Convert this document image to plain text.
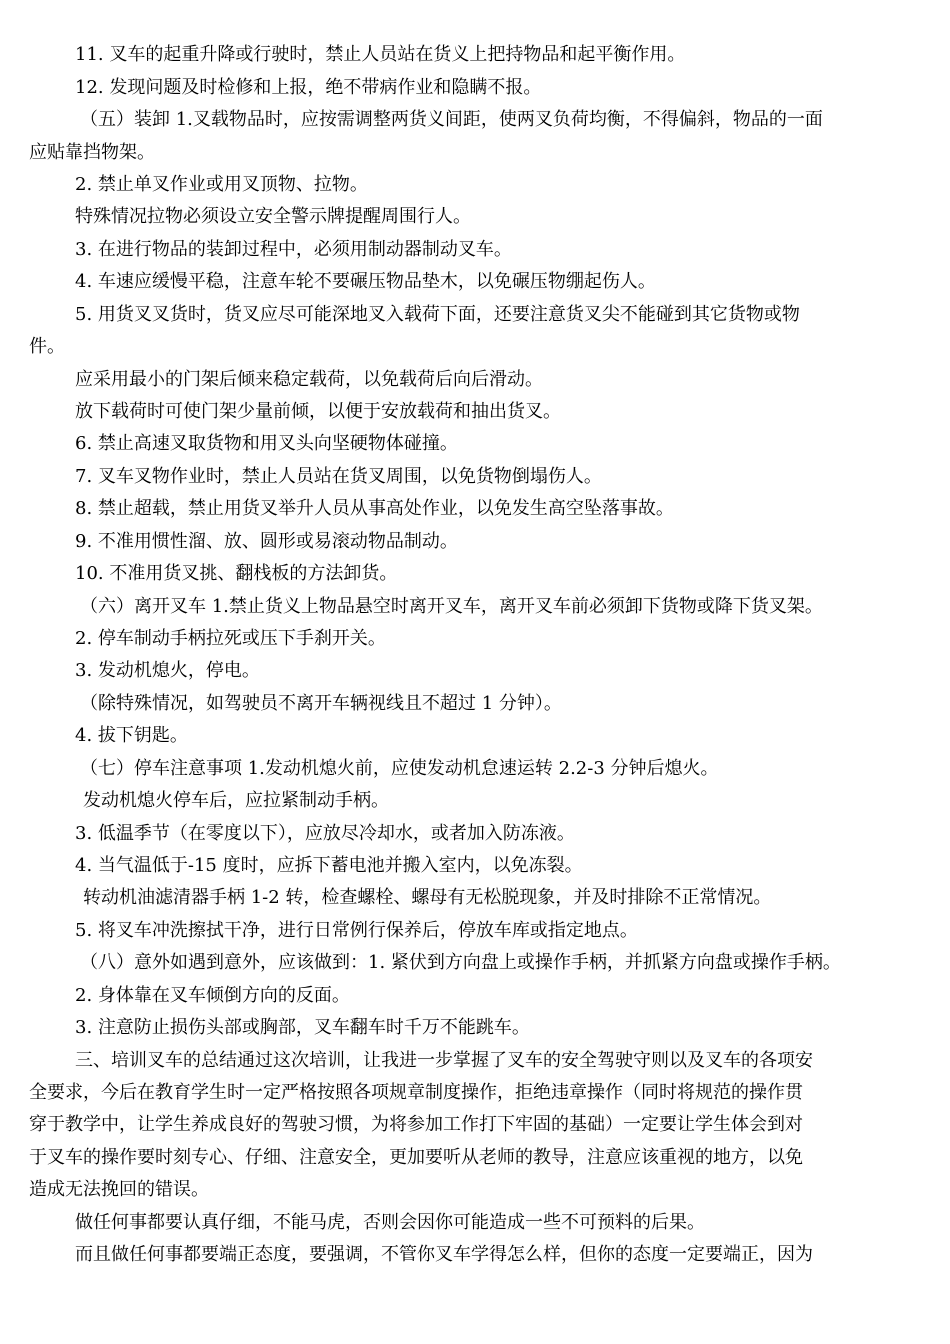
11. 叉车的起重升降或行驶时，禁止人员站在货义上把持物品和起平衡作用。
12. 发现问题及时检修和上报，绝不带病作业和隐瞒不报。
（五）装卸 1.叉载物品时，应按需调整两货义间距，使两叉负荷均衡，不得偏斜，物品的一面
应贴靠挡物架。
2. 禁止单叉作业或用叉顶物、拉物。
特殊情况拉物必须设立安全警示牌提醒周围行人。
3. 在进行物品的装卸过程中，必须用制动器制动叉车。
4. 车速应缓慢平稳，注意车轮不要碾压物品垫木，以免碾压物绷起伤人。
5. 用货叉叉货时，货叉应尽可能深地叉入载荷下面，还要注意货叉尖不能碰到其它货物或物
件。
应采用最小的门架后倾来稳定载荷，以免载荷后向后滑动。
放下载荷时可使门架少量前倾，以便于安放载荷和抽出货叉。
6. 禁止高速叉取货物和用叉头向坚硬物体碰撞。
7. 叉车叉物作业时，禁止人员站在货叉周围，以免货物倒塌伤人。
8. 禁止超载，禁止用货叉举升人员从事高处作业，以免发生高空坠落事故。
9. 不准用惯性溜、放、圆形或易滚动物品制动。
10. 不准用货叉挑、翻栈板的方法卸货。
（六）离开叉车 1.禁止货义上物品悬空时离开叉车，离开叉车前必须卸下货物或降下货叉架。
2. 停车制动手柄拉死或压下手刹开关。
3. 发动机熄火，停电。
（除特殊情况，如驾驶员不离开车辆视线且不超过 1 分钟）。
4. 拔下钥匙。
（七）停车注意事项 1.发动机熄火前，应使发动机怠速运转 2.2-3 分钟后熄火。
发动机熄火停车后，应拉紧制动手柄。
3. 低温季节（在零度以下），应放尽冷却水，或者加入防冻液。
4. 当气温低于-15 度时，应拆下蓄电池并搬入室内，以免冻裂。
转动机油滤清器手柄 1-2 转，检查螺栓、螺母有无松脱现象，并及时排除不正常情况。
5. 将叉车冲洗擦拭干净，进行日常例行保养后，停放车库或指定地点。
（八）意外如遇到意外，应该做到：1. 紧伏到方向盘上或操作手柄，并抓紧方向盘或操作手柄。
2. 身体靠在叉车倾倒方向的反面。
3. 注意防止损伤头部或胸部，叉车翻车时千万不能跳车。
三、培训叉车的总结通过这次培训，让我进一步掌握了叉车的安全驾驶守则以及叉车的各项安
全要求，今后在教育学生时一定严格按照各项规章制度操作，拒绝违章操作（同时将规范的操作贯
穿于教学中，让学生养成良好的驾驶习惯，为将参加工作打下牢固的基础）一定要让学生体会到对
于叉车的操作要时刻专心、仔细、注意安全，更加要听从老师的教导，注意应该重视的地方，以免
造成无法挽回的错误。
做任何事都要认真仔细，不能马虎，否则会因你可能造成一些不可预料的后果。
而且做任何事都要端正态度，要强调，不管你叉车学得怎么样，但你的态度一定要端正，因为
